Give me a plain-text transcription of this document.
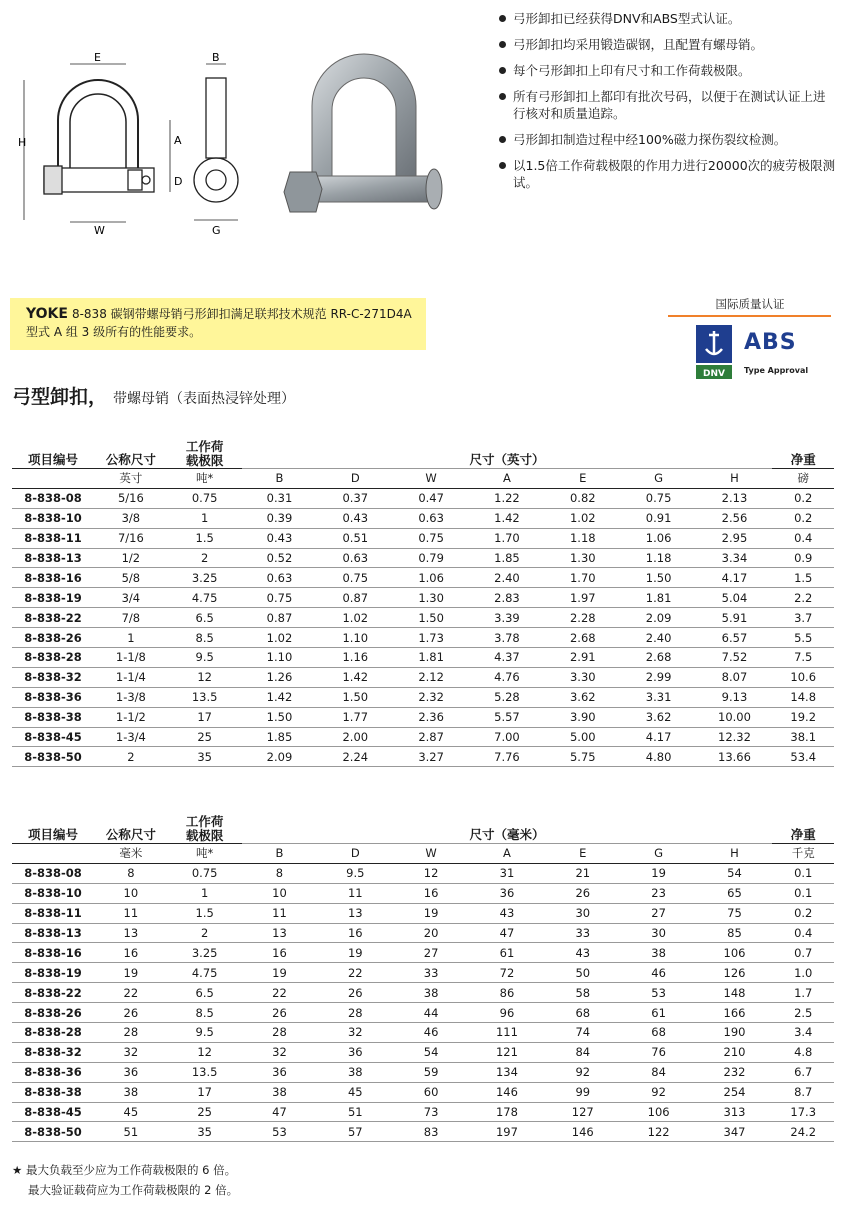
H
E
A
D
W
B
G
弓形卸扣已经获得DNV和ABS型式认证。
弓形卸扣均采用锻造碳钢，且配置有螺母销。
每个弓形卸扣上印有尺寸和工作荷载极限。
所有弓形卸扣上都印有批次号码，以便于在测试认证上进行核对和质量追踪。
弓形卸扣制造过程中经100%磁力探伤裂纹检测。
以1.5倍工作荷载极限的作用力进行20000次的疲劳极限测试。
YOKE 8-838 碳钢带螺母销弓形卸扣满足联邦技术规范 RR-C-271D4A 型式 A 组 3 级所有的性能要求。
国际质量认证
DNV
ABS
Type Approval
弓型卸扣， 带螺母销（表面热浸锌处理）
项目编号	公称尺寸	工作荷载极限	尺寸（英寸）							净重
	英寸	吨*	B	D	W	A	E	G	H	磅
8-838-08	5/16	0.75	0.31	0.37	0.47	1.22	0.82	0.75	2.13	0.2
8-838-10	3/8	1	0.39	0.43	0.63	1.42	1.02	0.91	2.56	0.2
8-838-11	7/16	1.5	0.43	0.51	0.75	1.70	1.18	1.06	2.95	0.4
8-838-13	1/2	2	0.52	0.63	0.79	1.85	1.30	1.18	3.34	0.9
8-838-16	5/8	3.25	0.63	0.75	1.06	2.40	1.70	1.50	4.17	1.5
8-838-19	3/4	4.75	0.75	0.87	1.30	2.83	1.97	1.81	5.04	2.2
8-838-22	7/8	6.5	0.87	1.02	1.50	3.39	2.28	2.09	5.91	3.7
8-838-26	1	8.5	1.02	1.10	1.73	3.78	2.68	2.40	6.57	5.5
8-838-28	1-1/8	9.5	1.10	1.16	1.81	4.37	2.91	2.68	7.52	7.5
8-838-32	1-1/4	12	1.26	1.42	2.12	4.76	3.30	2.99	8.07	10.6
8-838-36	1-3/8	13.5	1.42	1.50	2.32	5.28	3.62	3.31	9.13	14.8
8-838-38	1-1/2	17	1.50	1.77	2.36	5.57	3.90	3.62	10.00	19.2
8-838-45	1-3/4	25	1.85	2.00	2.87	7.00	5.00	4.17	12.32	38.1
8-838-50	2	35	2.09	2.24	3.27	7.76	5.75	4.80	13.66	53.4
项目编号	公称尺寸	工作荷载极限	尺寸（毫米）							净重
	毫米	吨*	B	D	W	A	E	G	H	千克
8-838-08	8	0.75	8	9.5	12	31	21	19	54	0.1
8-838-10	10	1	10	11	16	36	26	23	65	0.1
8-838-11	11	1.5	11	13	19	43	30	27	75	0.2
8-838-13	13	2	13	16	20	47	33	30	85	0.4
8-838-16	16	3.25	16	19	27	61	43	38	106	0.7
8-838-19	19	4.75	19	22	33	72	50	46	126	1.0
8-838-22	22	6.5	22	26	38	86	58	53	148	1.7
8-838-26	26	8.5	26	28	44	96	68	61	166	2.5
8-838-28	28	9.5	28	32	46	111	74	68	190	3.4
8-838-32	32	12	32	36	54	121	84	76	210	4.8
8-838-36	36	13.5	36	38	59	134	92	84	232	6.7
8-838-38	38	17	38	45	60	146	99	92	254	8.7
8-838-45	45	25	47	51	73	178	127	106	313	17.3
8-838-50	51	35	53	57	83	197	146	122	347	24.2
★ 最大负载至少应为工作荷载极限的 6 倍。
最大验证载荷应为工作荷载极限的 2 倍。
